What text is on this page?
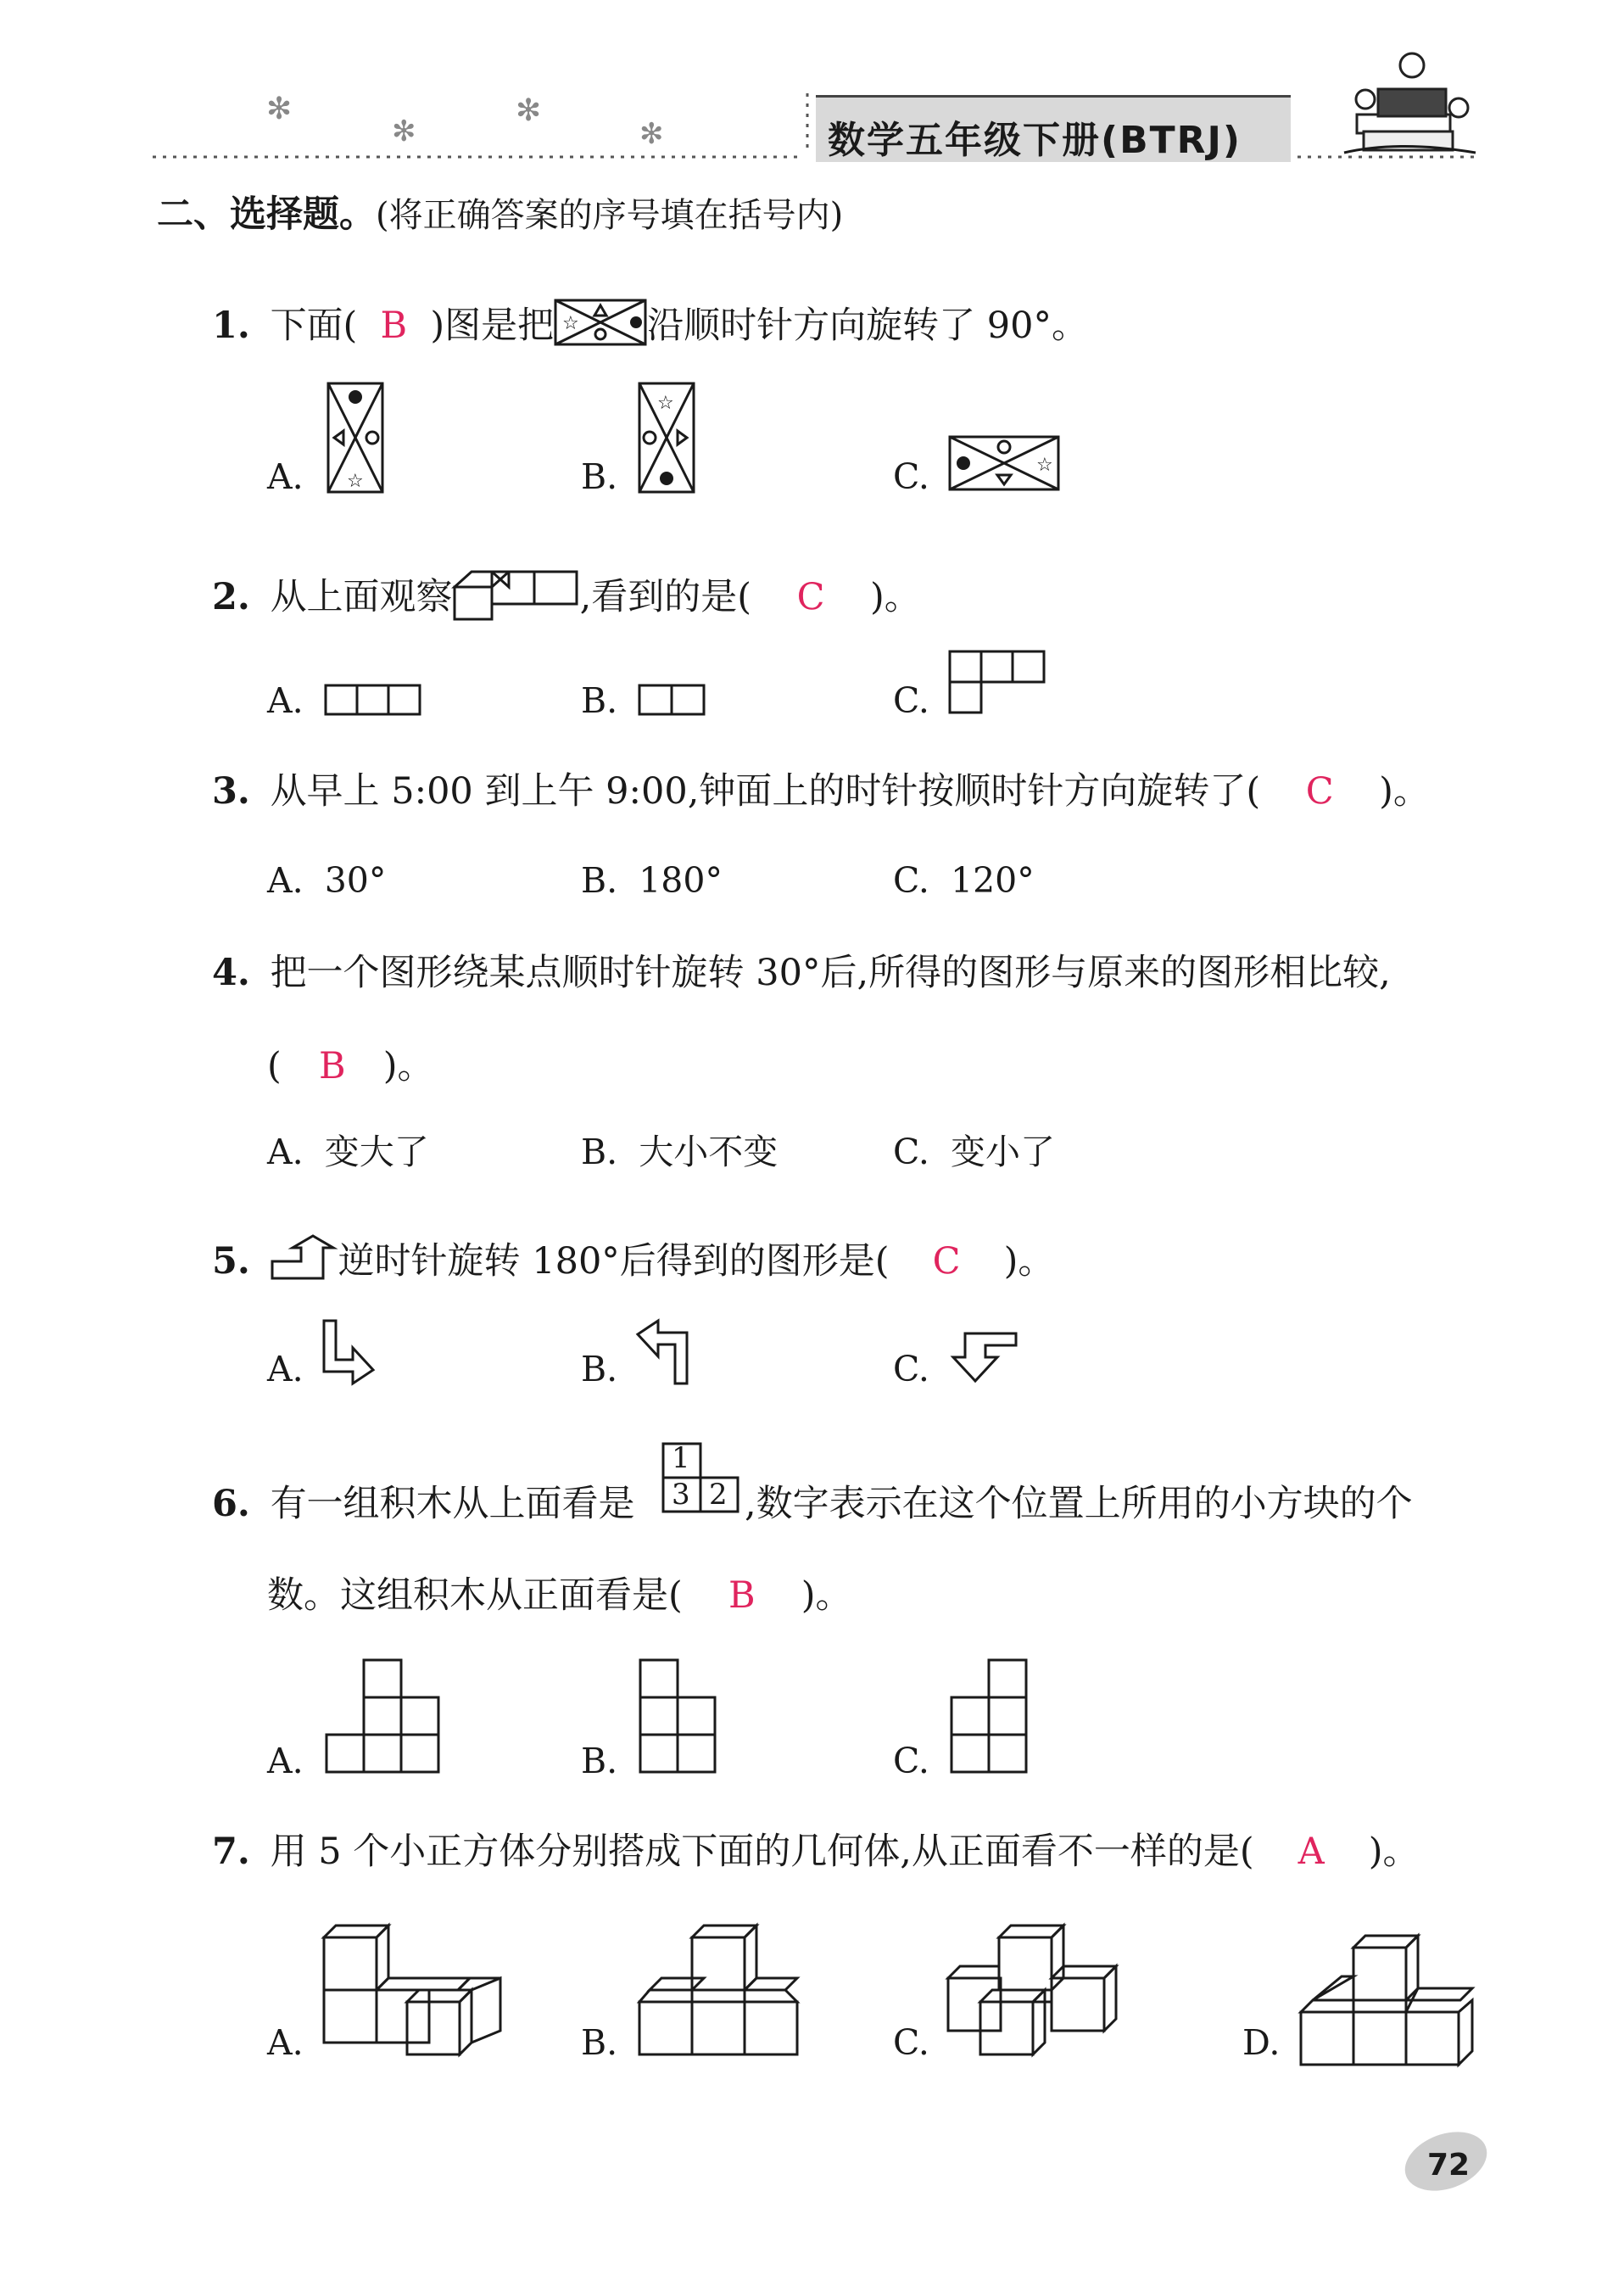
✻
✻
✻
✻	数学五年级下册(BTRJ)
二、选择题。(将正确答案的序号填在括号内)
1. 下面( B )图是把 ☆ 沿顺时针方向旋转了 90°。
A. ☆	B.
☆
C.	☆
2. 从上面观察	,看到的是( C )。
A.	B.	C.
3. 从早上 5:00 到上午 9:00,钟面上的时针按顺时针方向旋转了( C )。
A. 30°	B. 180°	C. 120°
4. 把一个图形绕某点顺时针旋转 30°后,所得的图形与原来的图形相比较,
( B )。
A. 变大了	B. 大小不变	C. 变小了
5. 逆时针旋转 180°后得到的图形是( C )。
A.	B.	C.
6. 有一组积木从上面看是
1
3 2 ,数字表示在这个位置上所用的小方块的个
数。这组积木从正面看是( B )。
A.	B.	C.
7. 用 5 个小正方体分别搭成下面的几何体,从正面看不一样的是( A )。
A.	B.	C.	D.
72
